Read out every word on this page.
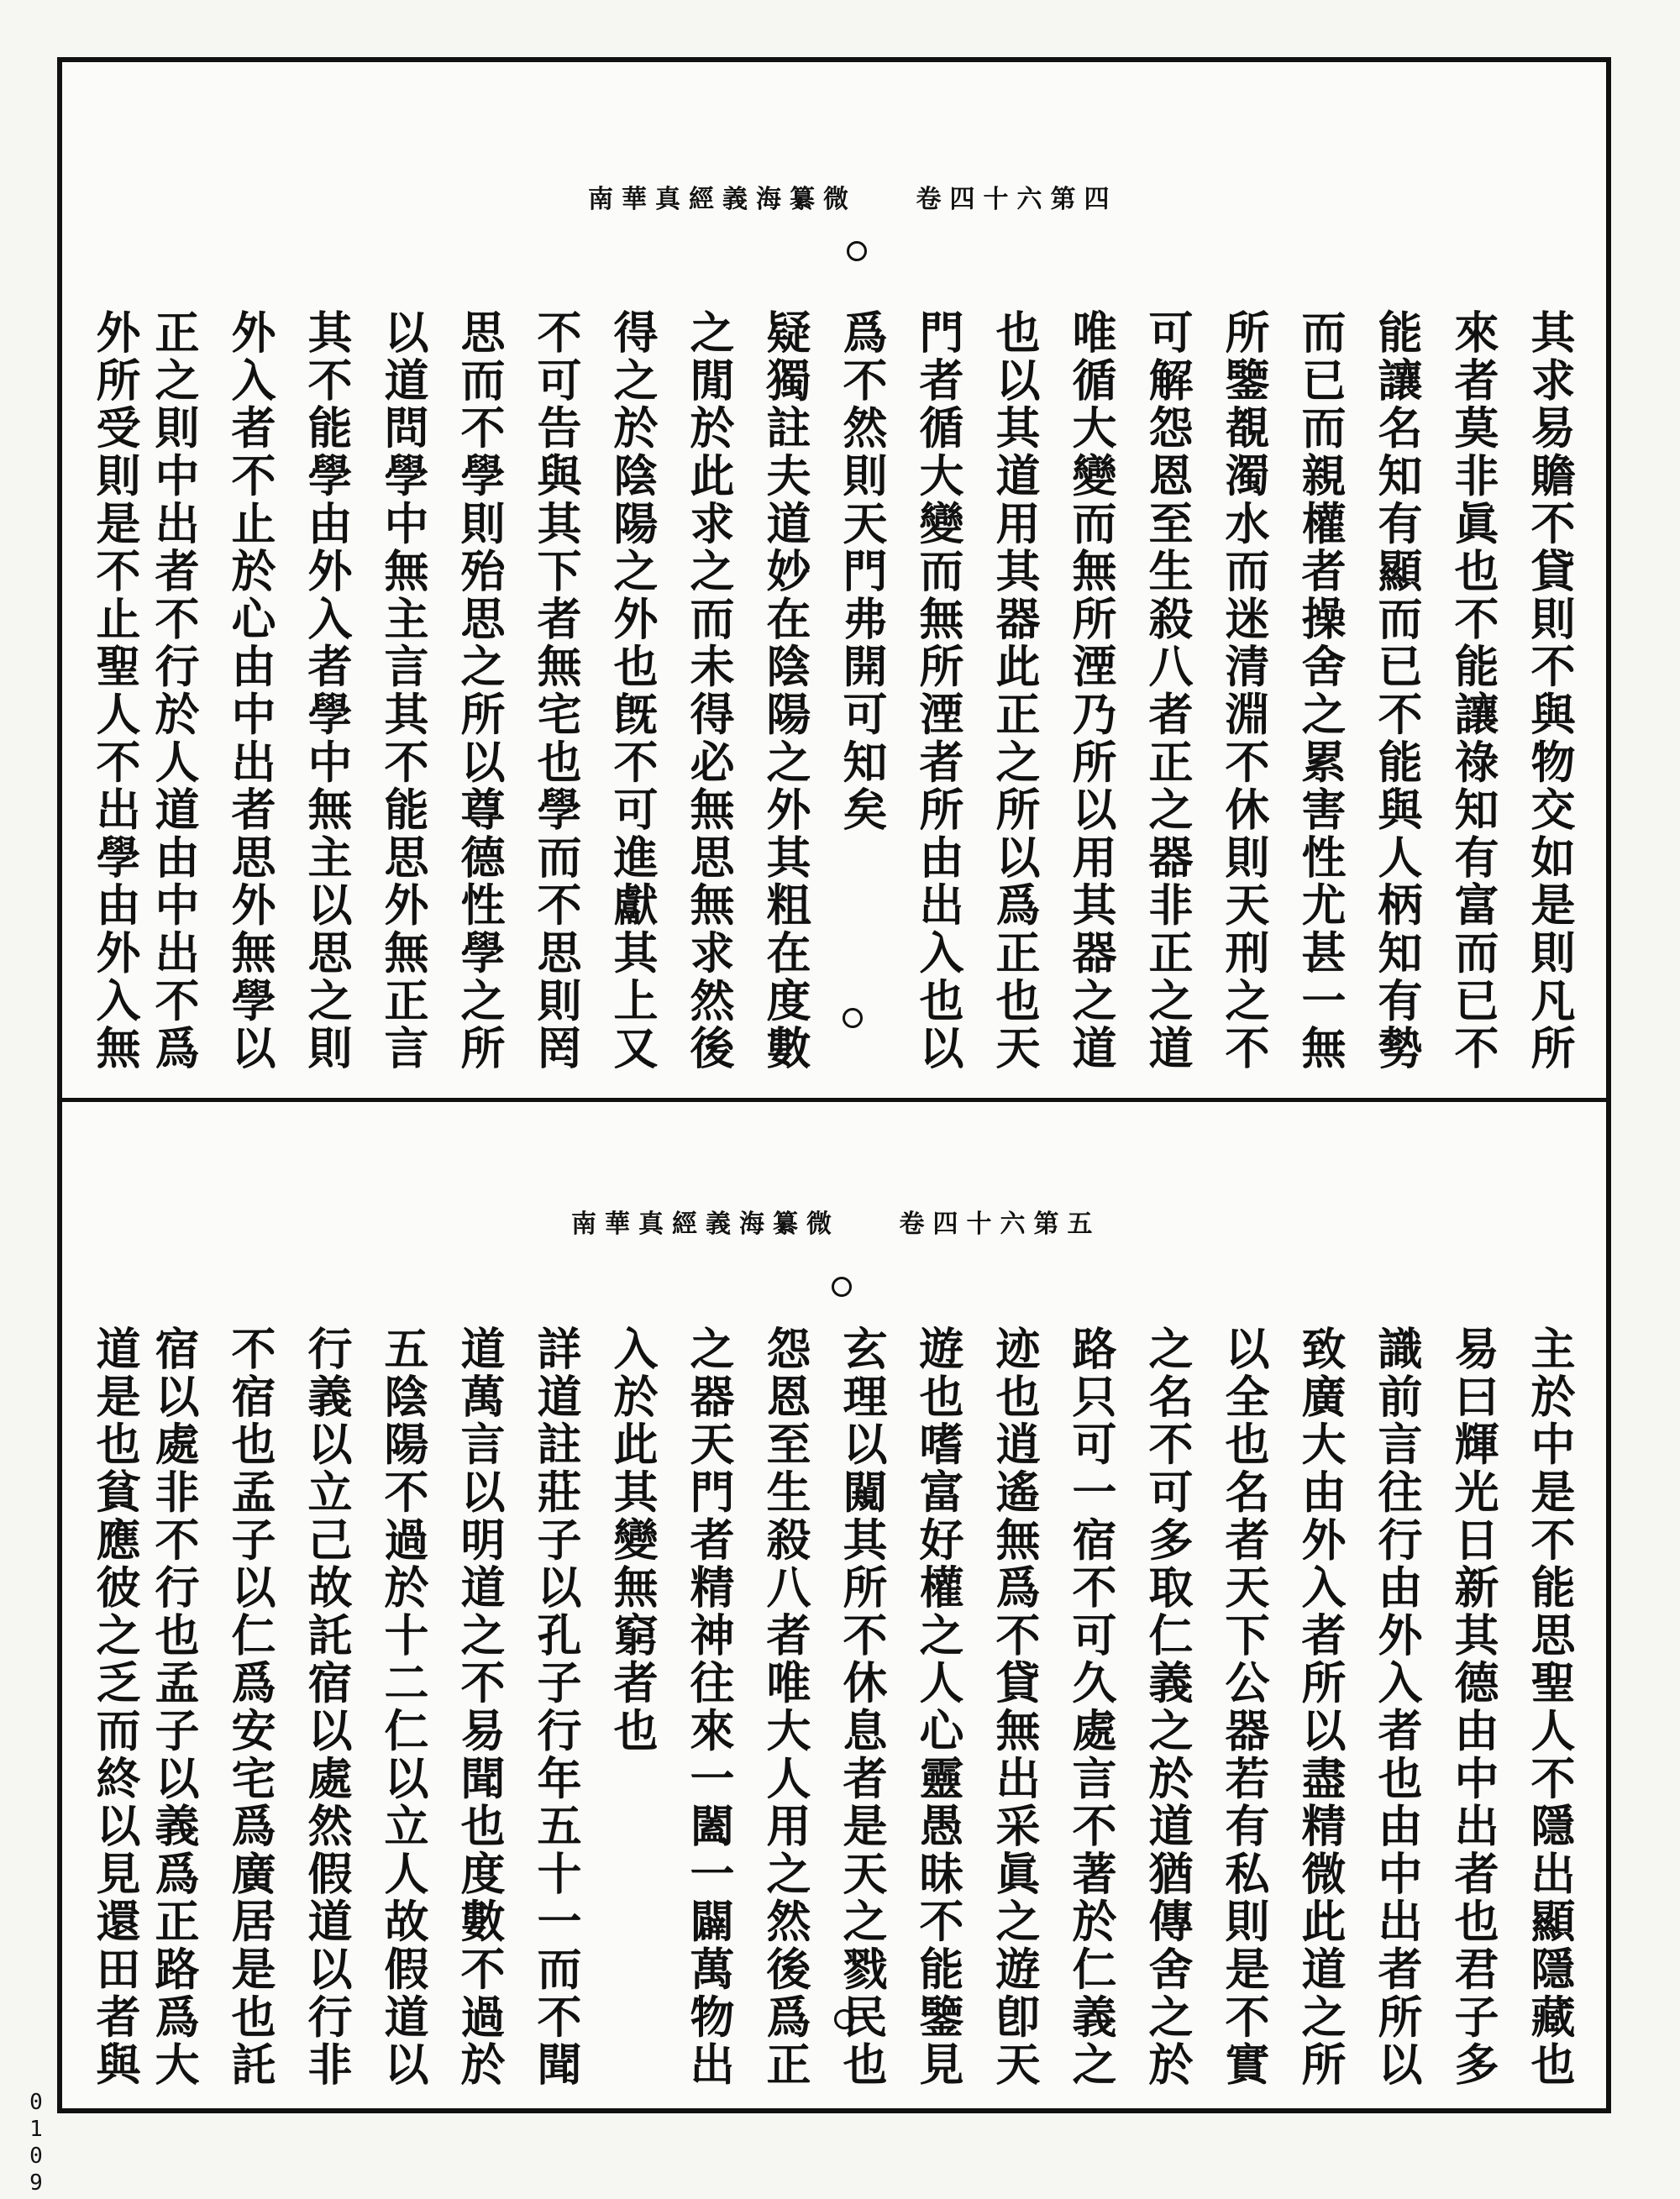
南華真經義海纂微 卷四十六第四
其求易贍不貸則不與物交如是則凡所
來者莫非眞也不能讓祿知有富而已不
能讓名知有顯而已不能與人柄知有勢
而已而親權者操舍之累害性尤甚一無
所鑒覩濁水而迷清淵不休則天刑之不
可解怨恩至生殺八者正之器非正之道
唯循大變而無所湮乃所以用其器之道
也以其道用其器此正之所以爲正也天
門者循大變而無所湮者所由出入也以
爲不然則天門弗開可知矣
疑獨註夫道妙在陰陽之外其粗在度數
之閒於此求之而未得必無思無求然後
得之於陰陽之外也旣不可進獻其上又
不可告與其下者無宅也學而不思則罔
思而不學則殆思之所以尊德性學之所
以道問學中無主言其不能思外無正言
其不能學由外入者學中無主以思之則
外入者不止於心由中出者思外無學以
正之則中出者不行於人道由中出不爲
外所受則是不止聖人不出學由外入無
南華真經義海纂微 卷四十六第五
主於中是不能思聖人不隱出顯隱藏也
易曰輝光日新其德由中出者也君子多
識前言往行由外入者也由中出者所以
致廣大由外入者所以盡精微此道之所
以全也名者天下公器若有私則是不實
之名不可多取仁義之於道猶傳舍之於
路只可一宿不可久處言不著於仁義之
迹也逍遙無爲不貸無出采眞之遊卽天
遊也嗜富好權之人心靈愚昧不能鑒見
玄理以闚其所不休息者是天之戮民也
怨恩至生殺八者唯大人用之然後爲正
之器天門者精神往來一闔一闢萬物出
入於此其變無窮者也
詳道註莊子以孔子行年五十一而不聞
道萬言以明道之不易聞也度數不過於
五陰陽不過於十二仁以立人故假道以
行義以立己故託宿以處然假道以行非
不宿也孟子以仁爲安宅爲廣居是也託
宿以處非不行也孟子以義爲正路爲大
道是也貧應彼之乏而終以見還田者與
0109
